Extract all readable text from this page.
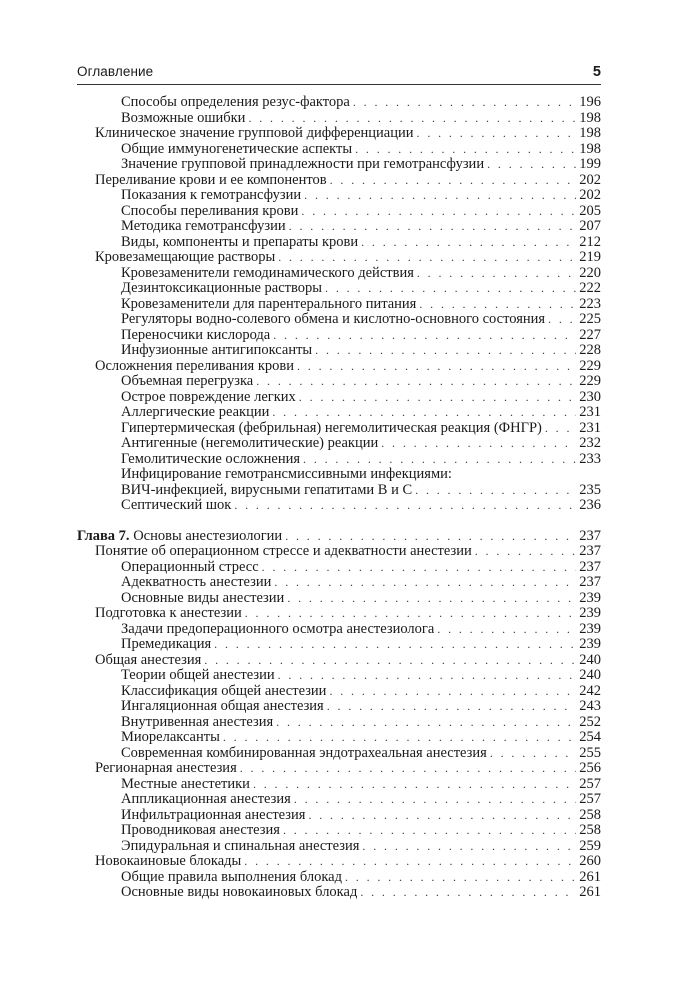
Оглавление	5
Способы определения резус-фактора . . .	196
Возможные ошибки . . .	198
Клиническое значение групповой дифференциации . . .	198
Общие иммуногенетические аспекты . . .	198
Значение групповой принадлежности при гемотрансфузии . . .	199
Переливание крови и ее компонентов . . .	202
Показания к гемотрансфузии . . .	202
Способы переливания крови . . .	205
Методика гемотрансфузии . . .	207
Виды, компоненты и препараты крови . . .	212
Кровезамещающие растворы . . .	219
Кровезаменители гемодинамического действия . . .	220
Дезинтоксикационные растворы . . .	222
Кровезаменители для парентерального питания . . .	223
Регуляторы водно-солевого обмена и кислотно-основного состояния . . . 225
Переносчики кислорода . . .	227
Инфузионные антигипоксанты . . .	228
Осложнения переливания крови . . .	229
Объемная перегрузка . . .	229
Острое повреждение легких . . .	230
Аллергические реакции . . .	231
Гипертермическая (фебрильная) негемолитическая реакция (ФНГР) . . .	231
Антигенные (негемолитические) реакции . . .	232
Гемолитические осложнения . . .	233
Инфицирование гемотрансмиссивными инфекциями:
ВИЧ-инфекцией, вирусными гепатитами В и С . . .	235
Септический шок . . .	236
Глава 7. Основы анестезиологии . . .	237
Понятие об операционном стрессе и адекватности анестезии . . .	237
Операционный стресс . . .	237
Адекватность анестезии . . .	237
Основные виды анестезии . . .	239
Подготовка к анестезии . . .	239
Задачи предоперационного осмотра анестезиолога . . .	239
Премедикация . . .	239
Общая анестезия . . .	240
Теории общей анестезии . . .	240
Классификация общей анестезии . . .	242
Ингаляционная общая анестезия . . .	243
Внутривенная анестезия . . .	252
Миорелаксанты . . .	254
Современная комбинированная эндотрахеальная анестезия . . .	255
Регионарная анестезия . . .	256
Местные анестетики . . .	257
Аппликационная анестезия . . .	257
Инфильтрационная анестезия . . .	258
Проводниковая анестезия . . .	258
Эпидуральная и спинальная анестезия . . .	259
Новокаиновые блокады . . .	260
Общие правила выполнения блокад . . .	261
Основные виды новокаиновых блокад . . .	261
